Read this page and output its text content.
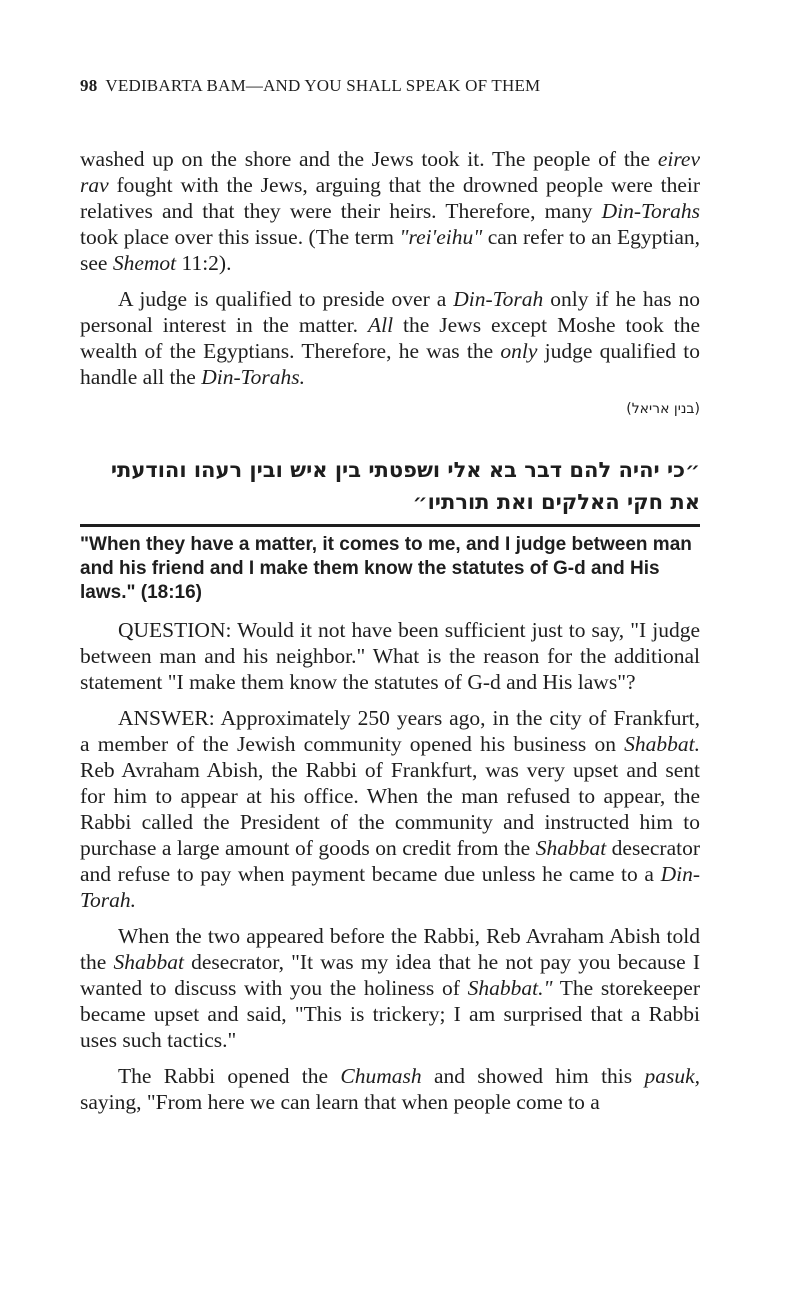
98 VEDIBARTA BAM—AND YOU SHALL SPEAK OF THEM

washed up on the shore and the Jews took it. The people of the eirev rav fought with the Jews, arguing that the drowned people were their relatives and that they were their heirs. Therefore, many Din-Torahs took place over this issue. (The term "rei'eihu" can refer to an Egyptian, see Shemot 11:2).

A judge is qualified to preside over a Din-Torah only if he has no personal interest in the matter. All the Jews except Moshe took the wealth of the Egyptians. Therefore, he was the only judge qualified to handle all the Din-Torahs.

(בנין אריאל)
״כי יהיה להם דבר בא אלי ושפטתי בין איש ובין רעהו והודעתי את חקי האלקים ואת תורתיו״
"When they have a matter, it comes to me, and I judge between man and his friend and I make them know the statutes of G-d and His laws." (18:16)

QUESTION: Would it not have been sufficient just to say, "I judge between man and his neighbor." What is the reason for the additional statement "I make them know the statutes of G-d and His laws"?

ANSWER: Approximately 250 years ago, in the city of Frankfurt, a member of the Jewish community opened his business on Shabbat. Reb Avraham Abish, the Rabbi of Frankfurt, was very upset and sent for him to appear at his office. When the man refused to appear, the Rabbi called the President of the community and instructed him to purchase a large amount of goods on credit from the Shabbat desecrator and refuse to pay when payment became due unless he came to a Din-Torah.

When the two appeared before the Rabbi, Reb Avraham Abish told the Shabbat desecrator, "It was my idea that he not pay you because I wanted to discuss with you the holiness of Shabbat." The storekeeper became upset and said, "This is trickery; I am surprised that a Rabbi uses such tactics."

The Rabbi opened the Chumash and showed him this pasuk, saying, "From here we can learn that when people come to a
